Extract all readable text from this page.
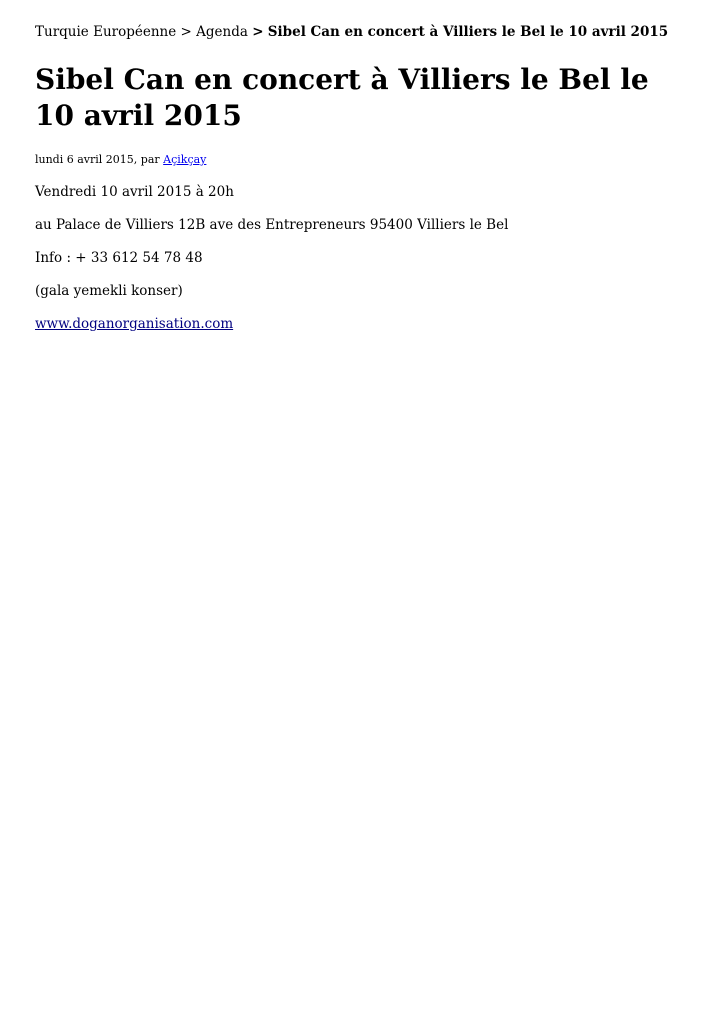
Turquie Européenne > Agenda > Sibel Can en concert à Villiers le Bel le 10 avril 2015
Sibel Can en concert à Villiers le Bel le 10 avril 2015
lundi 6 avril 2015, par Açikçay

Vendredi 10 avril 2015 à 20h

au Palace de Villiers 12B ave des Entrepreneurs 95400 Villiers le Bel

Info : + 33 612 54 78 48

(gala yemekli konser)

www.doganorganisation.com
